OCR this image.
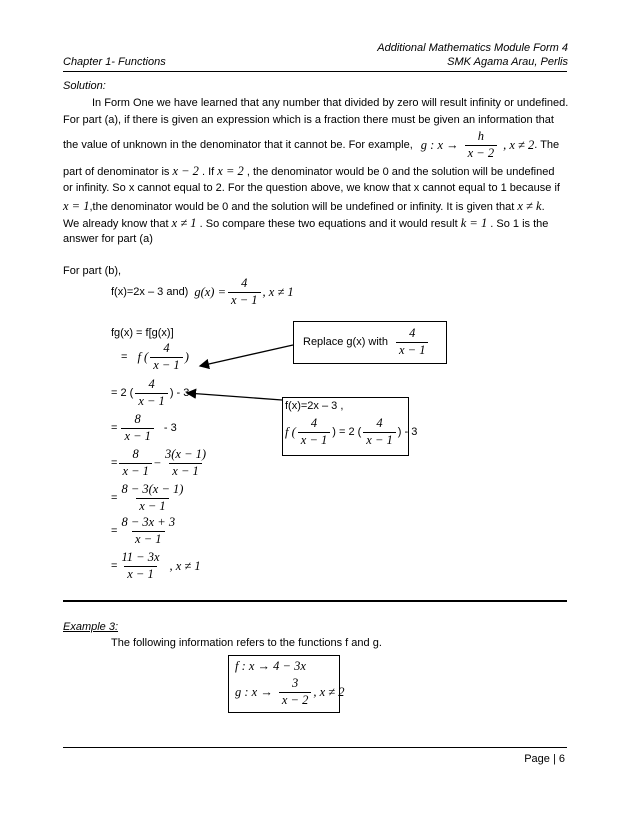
Additional Mathematics Module Form 4
Chapter 1- Functions	SMK Agama Arau, Perlis
Solution:
In Form One we have learned that any number that divided by zero will result infinity or undefined.
For part (a), if there is given an expression which is a fraction there must be given an information that
the value of unknown in the denominator that it cannot be. For example, g : $x \to \frac{h}{x - 2}$ , x ≠ 2 . The
part of denominator is x − 2 . If x = 2 , the denominator would be 0 and the solution will be undefined
or infinity. So x cannot equal to 2. For the question above, we know that x cannot equal to 1 because if
x = 1,the denominator would be 0 and the solution will be undefined or infinity. It is given that x ≠ k.
We already know that x ≠ 1 . So compare these two equations and it would result k = 1 . So 1 is the
answer for part (a)
For part (b),
f(x)=2x – 3 and) $g(x) = \frac{4}{x - 1}$ , x ≠ 1
fg(x) = f[g(x)]
= f ( $\frac{4}{x - 1}$ )
= 2 ( $\frac{4}{x - 1}$ ) - 3
= $\frac{8}{x - 1} - 3$
= $\frac{8}{x - 1} - \frac{3(x - 1)}{x - 1}$
= $\frac{8 - 3(x - 1)}{x - 1}$
= $\frac{8 - 3x + 3}{x - 1}$
= $\frac{11 - 3x}{x - 1}$ , x ≠ 1
Replace g(x) with $\frac{4}{x - 1}$
f(x)=2x – 3 ,
f ( $\frac{4}{x - 1}$ ) = 2 ( $\frac{4}{x - 1}$ ) - 3
Example 3:
The following information refers to the functions f and g.
f : x → 4 − 3x
g : $x \to \frac{3}{x - 2}$ , x ≠ 2
Page | 6
